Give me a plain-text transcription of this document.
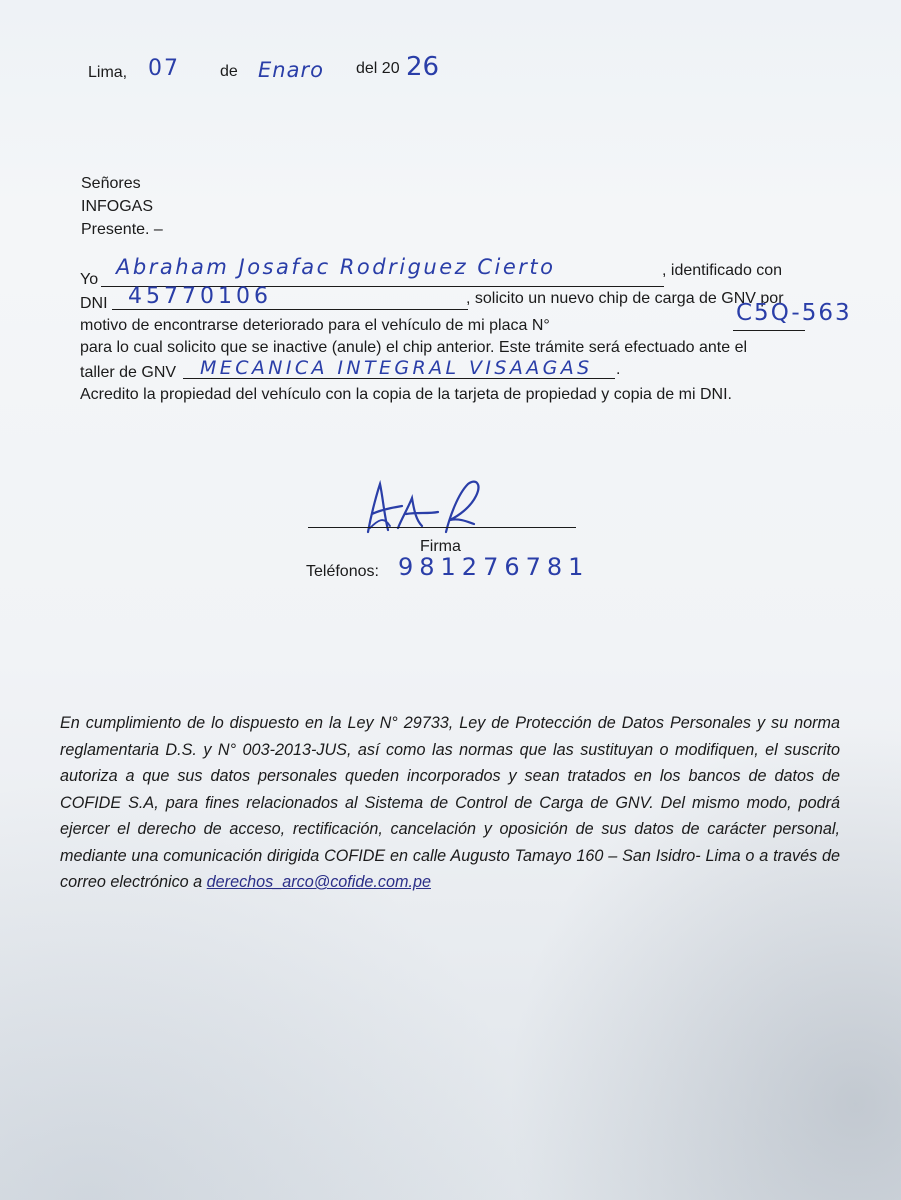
Lima, 07	de Enaro del 20 26
Señores
INFOGAS
Presente. –
Yo
Abraham Josafac Rodriguez Cierto	, identificado con
DNI 45770106	, solicito un nuevo chip de carga de GNV por
motivo de encontrarse deteriorado para el vehículo de mi placa N°	C5Q-563
para lo cual solicito que se inactive (anule) el chip anterior. Este trámite será efectuado ante el
taller de GNV MECANICA INTEGRAL VISAAGAS .
Acredito la propiedad del vehículo con la copia de la tarjeta de propiedad y copia de mi DNI.
Firma
Teléfonos: 981276781
En cumplimiento de lo dispuesto en la Ley N° 29733, Ley de Protección de Datos Personales y su norma reglamentaria D.S. y N° 003-2013-JUS, así como las normas que las sustituyan o modifiquen, el suscrito autoriza a que sus datos personales queden incorporados y sean tratados en los bancos de datos de COFIDE S.A, para fines relacionados al Sistema de Control de Carga de GNV. Del mismo modo, podrá ejercer el derecho de acceso, rectificación, cancelación y oposición de sus datos de carácter personal, mediante una comunicación dirigida COFIDE en calle Augusto Tamayo 160 – San Isidro- Lima o a través de correo electrónico a derechos_arco@cofide.com.pe
